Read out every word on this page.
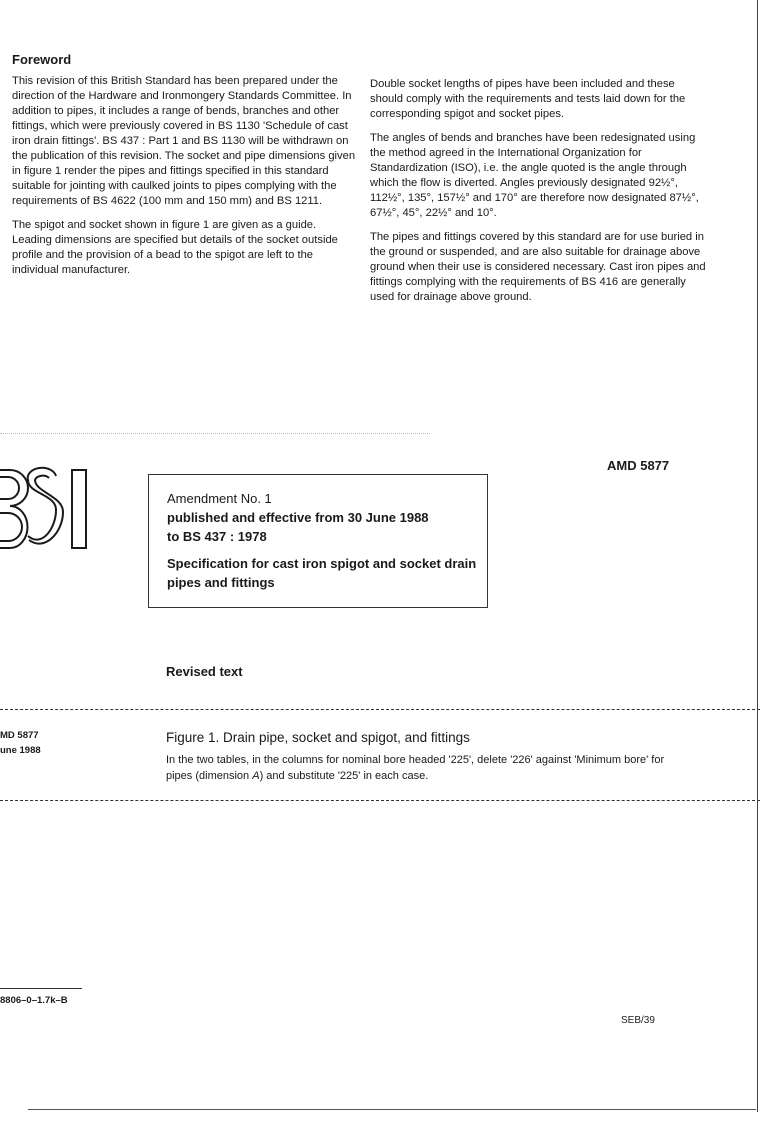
Foreword

This revision of this British Standard has been prepared under the direction of the Hardware and Ironmongery Standards Committee. In addition to pipes, it includes a range of bends, branches and other fittings, which were previously covered in BS 1130 'Schedule of cast iron drain fittings'. BS 437 : Part 1 and BS 1130 will be withdrawn on the publication of this revision. The socket and pipe dimensions given in figure 1 render the pipes and fittings specified in this standard suitable for jointing with caulked joints to pipes complying with the requirements of BS 4622 (100 mm and 150 mm) and BS 1211.

The spigot and socket shown in figure 1 are given as a guide. Leading dimensions are specified but details of the socket outside profile and the provision of a bead to the spigot are left to the individual manufacturer.

Double socket lengths of pipes have been included and these should comply with the requirements and tests laid down for the corresponding spigot and socket pipes.

The angles of bends and branches have been redesignated using the method agreed in the International Organization for Standardization (ISO), i.e. the angle quoted is the angle through which the flow is diverted. Angles previously designated 92½°, 112½°, 135°, 157½° and 170° are therefore now designated 87½°, 67½°, 45°, 22½° and 10°.

The pipes and fittings covered by this standard are for use buried in the ground or suspended, and are also suitable for drainage above ground when their use is considered necessary. Cast iron pipes and fittings complying with the requirements of BS 416 are generally used for drainage above ground.

AMD 5877
Amendment No. 1
published and effective from 30 June 1988
to BS 437 : 1978
Specification for cast iron spigot and socket drain pipes and fittings
Revised text
MD 5877
une 1988
Figure 1. Drain pipe, socket and spigot, and fittings
In the two tables, in the columns for nominal bore headed '225', delete '226' against 'Minimum bore' for pipes (dimension A) and substitute '225' in each case.
8806–0–1.7k–B
SEB/39
